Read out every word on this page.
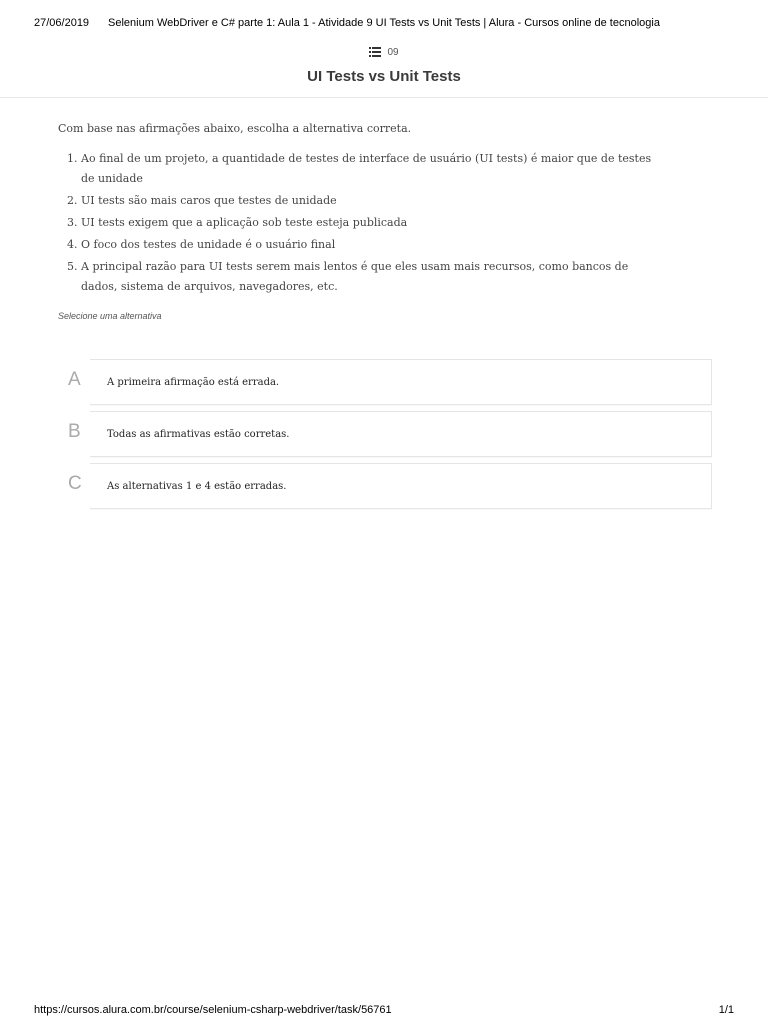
27/06/2019	Selenium WebDriver e C# parte 1: Aula 1 - Atividade 9 UI Tests vs Unit Tests | Alura - Cursos online de tecnologia
09
UI Tests vs Unit Tests

Com base nas afirmações abaixo, escolha a alternativa correta.

1. Ao final de um projeto, a quantidade de testes de interface de usuário (UI tests) é maior que de testes de unidade
2. UI tests são mais caros que testes de unidade
3. UI tests exigem que a aplicação sob teste esteja publicada
4. O foco dos testes de unidade é o usuário final
5. A principal razão para UI tests serem mais lentos é que eles usam mais recursos, como bancos de dados, sistema de arquivos, navegadores, etc.
Selecione uma alternativa
A	A primeira afirmação está errada.
B	Todas as afirmativas estão corretas.
C	As alternativas 1 e 4 estão erradas.
https://cursos.alura.com.br/course/selenium-csharp-webdriver/task/56761	1/1
